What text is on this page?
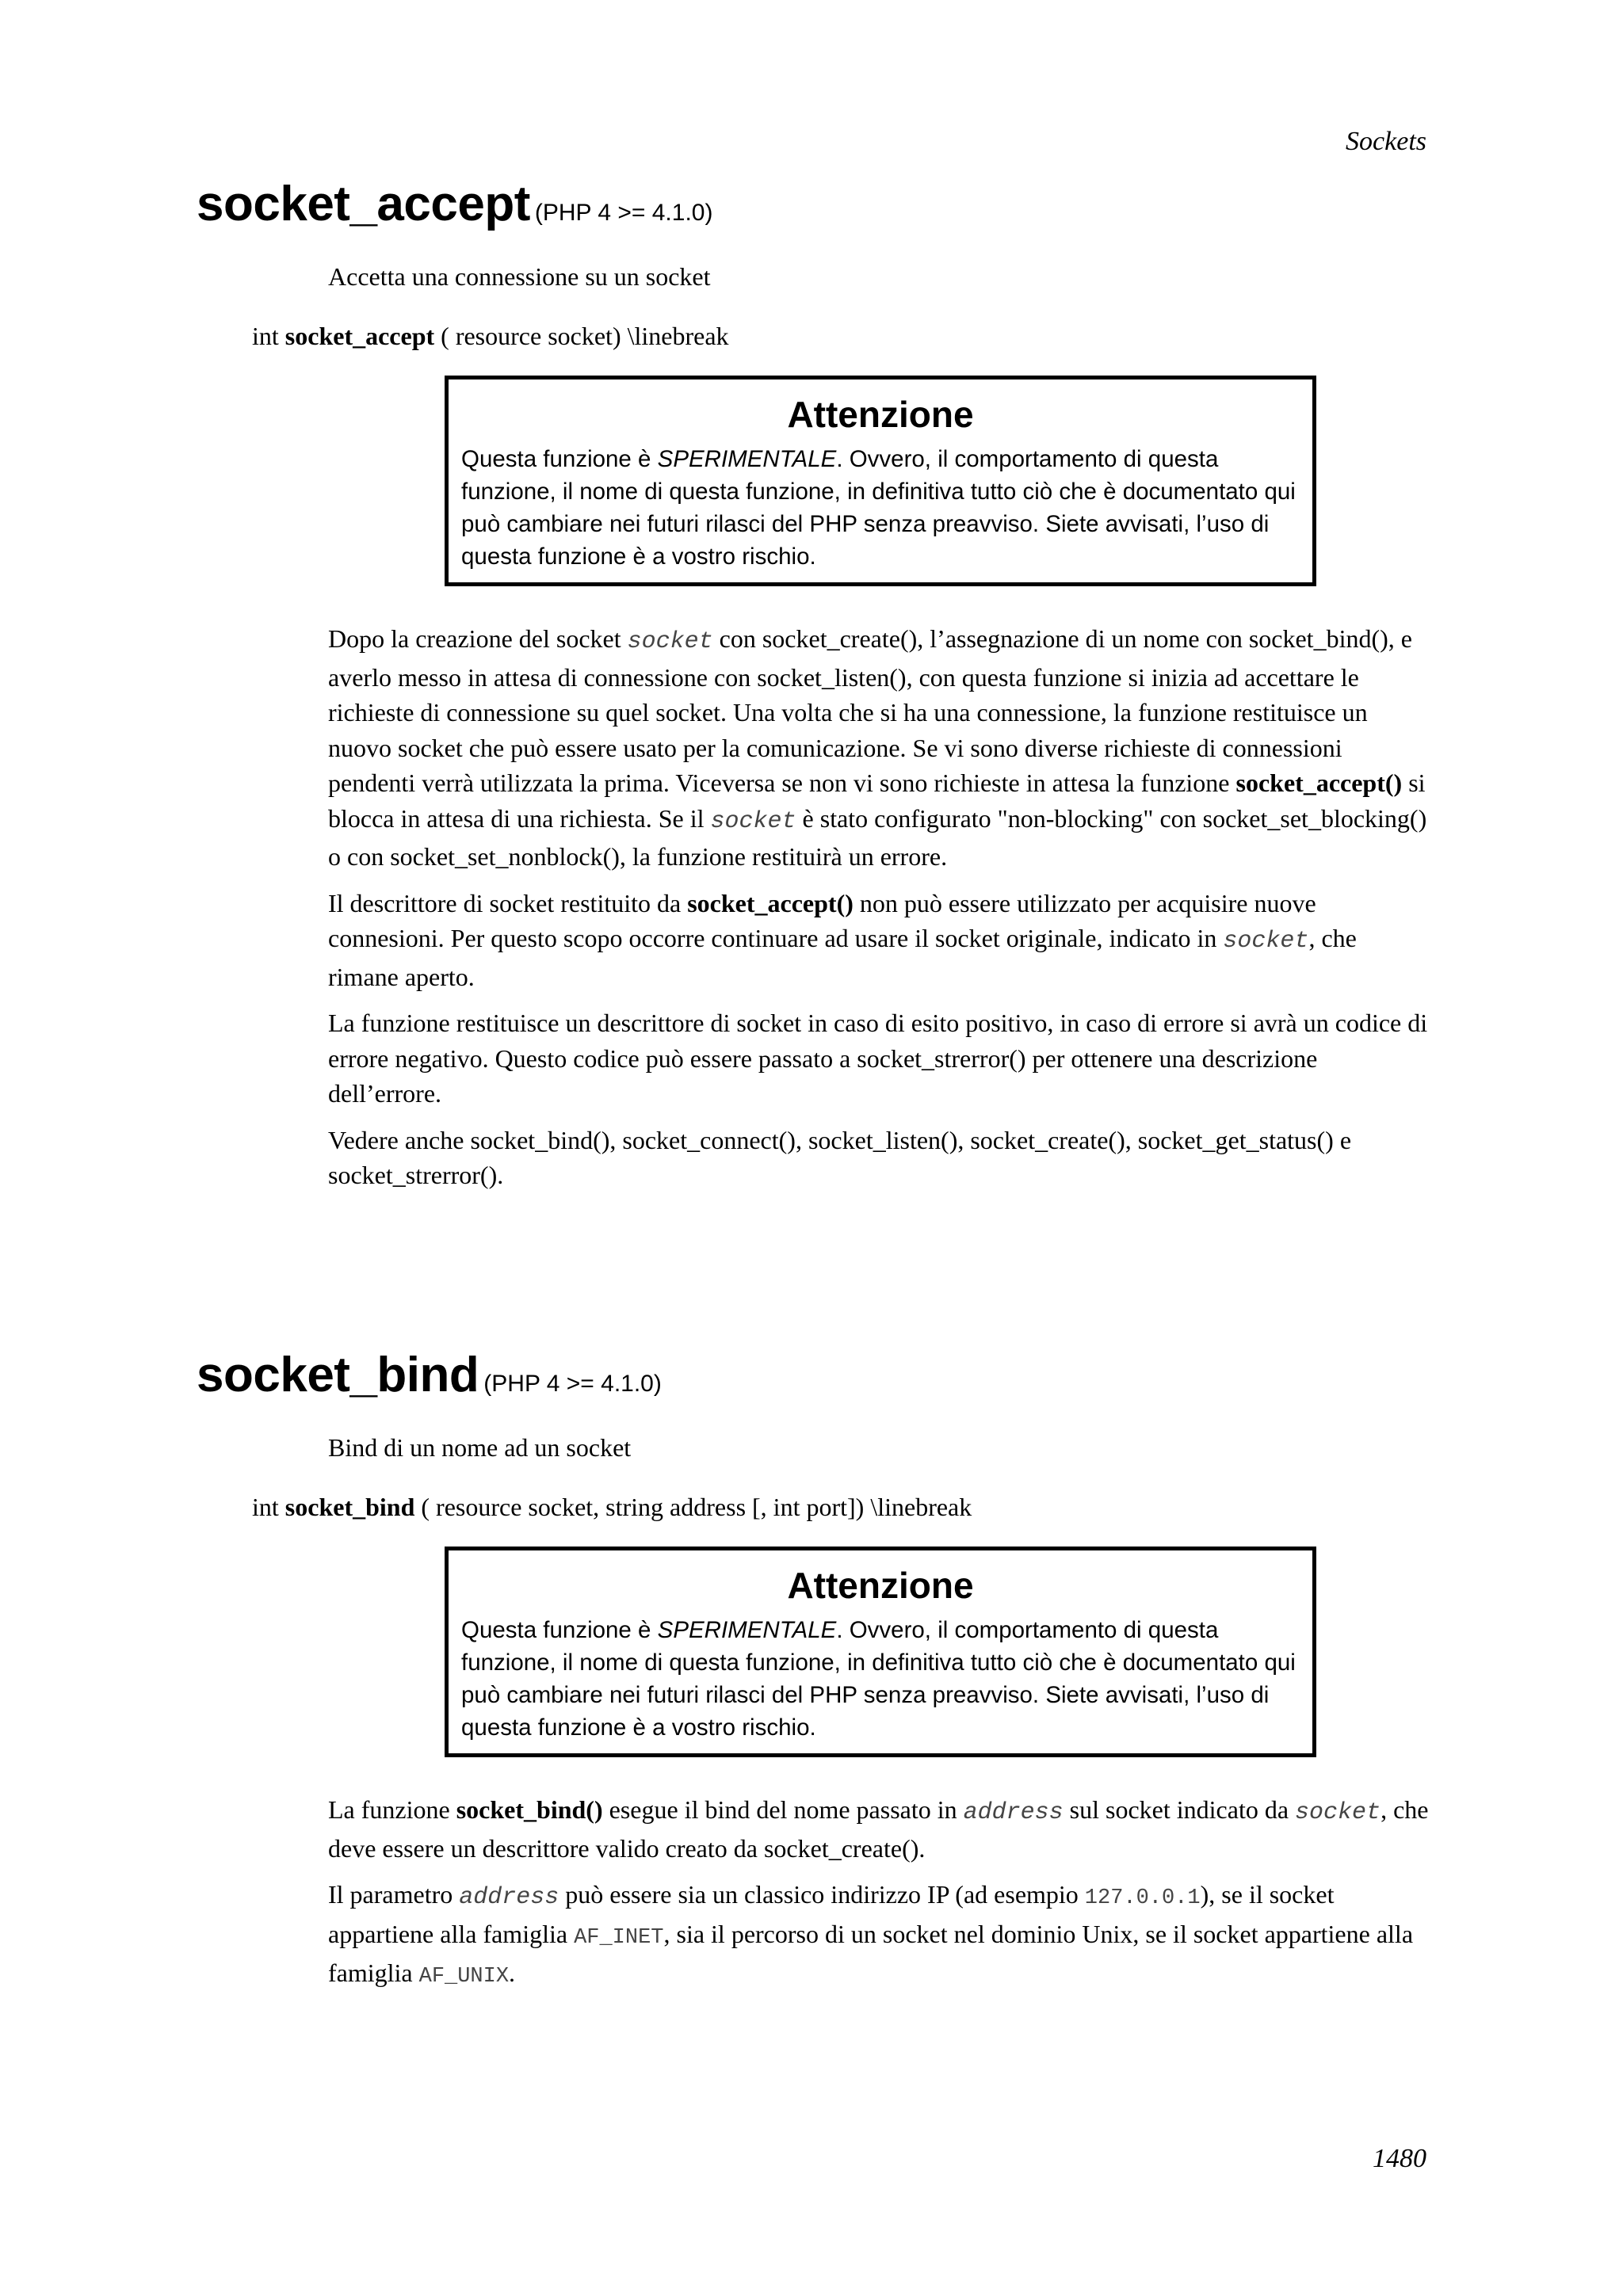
Sockets
socket_accept (PHP 4 >= 4.1.0)
Accetta una connessione su un socket
int socket_accept ( resource socket) \linebreak
Attenzione
Questa funzione è SPERIMENTALE. Ovvero, il comportamento di questa funzione, il nome di questa funzione, in definitiva tutto ciò che è documentato qui può cambiare nei futuri rilasci del PHP senza preavviso. Siete avvisati, l’uso di questa funzione è a vostro rischio.

Dopo la creazione del socket socket con socket_create(), l’assegnazione di un nome con socket_bind(), e averlo messo in attesa di connessione con socket_listen(), con questa funzione si inizia ad accettare le richieste di connessione su quel socket. Una volta che si ha una connessione, la funzione restituisce un nuovo socket che può essere usato per la comunicazione. Se vi sono diverse richieste di connessioni pendenti verrà utilizzata la prima. Viceversa se non vi sono richieste in attesa la funzione socket_accept() si blocca in attesa di una richiesta. Se il socket è stato configurato "non-blocking" con socket_set_blocking() o con socket_set_nonblock(), la funzione restituirà un errore.

Il descrittore di socket restituito da socket_accept() non può essere utilizzato per acquisire nuove connesioni. Per questo scopo occorre continuare ad usare il socket originale, indicato in socket, che rimane aperto.

La funzione restituisce un descrittore di socket in caso di esito positivo, in caso di errore si avrà un codice di errore negativo. Questo codice può essere passato a socket_strerror() per ottenere una descrizione dell’errore.

Vedere anche socket_bind(), socket_connect(), socket_listen(), socket_create(), socket_get_status() e socket_strerror().

socket_bind (PHP 4 >= 4.1.0)
Bind di un nome ad un socket
int socket_bind ( resource socket, string address [, int port]) \linebreak
Attenzione
Questa funzione è SPERIMENTALE. Ovvero, il comportamento di questa funzione, il nome di questa funzione, in definitiva tutto ciò che è documentato qui può cambiare nei futuri rilasci del PHP senza preavviso. Siete avvisati, l’uso di questa funzione è a vostro rischio.

La funzione socket_bind() esegue il bind del nome passato in address sul socket indicato da socket, che deve essere un descrittore valido creato da socket_create().

Il parametro address può essere sia un classico indirizzo IP (ad esempio 127.0.0.1), se il socket appartiene alla famiglia AF_INET, sia il percorso di un socket nel dominio Unix, se il socket appartiene alla famiglia AF_UNIX.

1480
